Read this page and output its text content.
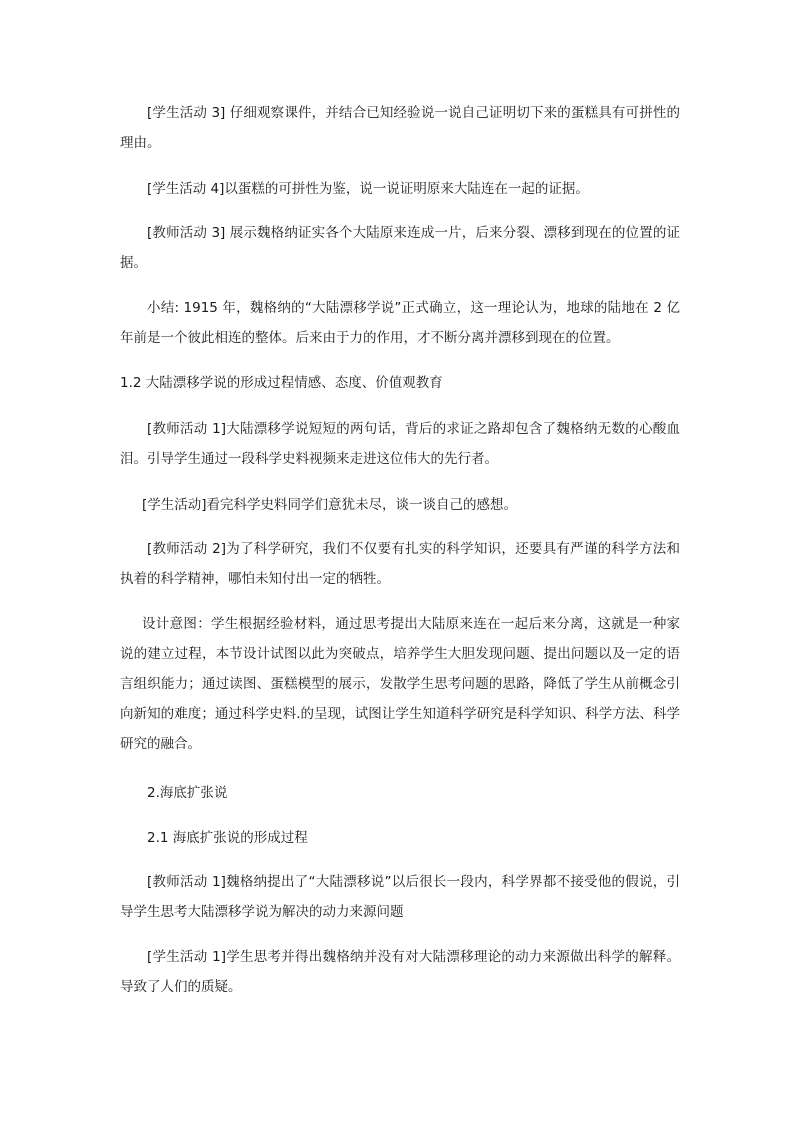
[学生活动 3] 仔细观察课件，并结合已知经验说一说自己证明切下来的蛋糕具有可拼性的理由。

[学生活动 4]以蛋糕的可拼性为鉴，说一说证明原来大陆连在一起的证据。

[教师活动 3] 展示魏格纳证实各个大陆原来连成一片，后来分裂、漂移到现在的位置的证据。

小结: 1915 年，魏格纳的“大陆漂移学说”正式确立，这一理论认为，地球的陆地在 2 亿年前是一个彼此相连的整体。后来由于力的作用，才不断分离并漂移到现在的位置。

1.2 大陆漂移学说的形成过程情感、态度、价值观教育

[教师活动 1]大陆漂移学说短短的两句话，背后的求证之路却包含了魏格纳无数的心酸血泪。引导学生通过一段科学史料视频来走进这位伟大的先行者。

[学生活动]看完科学史料同学们意犹未尽，谈一谈自己的感想。

[教师活动 2]为了科学研究，我们不仅要有扎实的科学知识，还要具有严谨的科学方法和执着的科学精神，哪怕未知付出一定的牺牲。

设计意图：学生根据经验材料，通过思考提出大陆原来连在一起后来分离，这就是一种家说的建立过程，本节设计试图以此为突破点，培养学生大胆发现问题、提出问题以及一定的语言组织能力；通过读图、蛋糕模型的展示，发散学生思考问题的思路，降低了学生从前概念引向新知的难度；通过科学史料.的呈现，试图让学生知道科学研究是科学知识、科学方法、科学研究的融合。

2.海底扩张说

2.1 海底扩张说的形成过程

[教师活动 1]魏格纳提出了“大陆漂移说”以后很长一段内，科学界都不接受他的假说，引导学生思考大陆漂移学说为解决的动力来源问题

[学生活动 1]学生思考并得出魏格纳并没有对大陆漂移理论的动力来源做出科学的解释。导致了人们的质疑。
